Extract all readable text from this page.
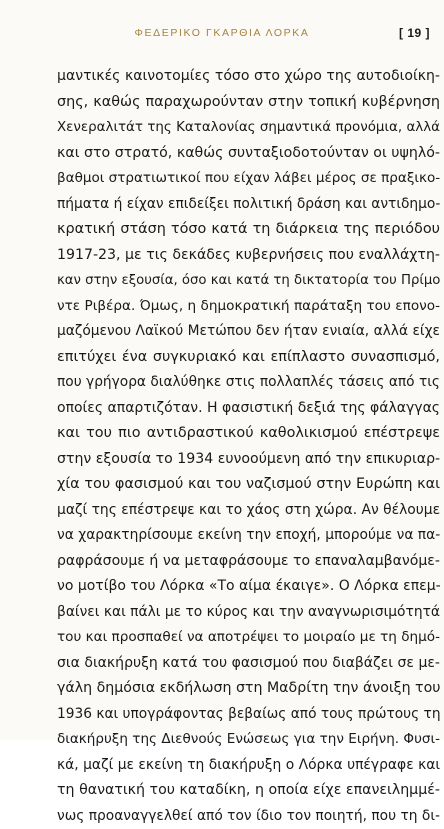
ΦΕΔΕΡΙΚΟ ΓΚΑΡΘΙΑ ΛΟΡΚΑ	[ 19 ]
μαντικές καινοτομίες τόσο στο χώρο της αυτοδιοίκη-
σης, καθώς παραχωρούνταν στην τοπική κυβέρνηση
Χενεραλιτάτ της Καταλονίας σημαντικά προνόμια, αλλά
και στο στρατό, καθώς συνταξιοδοτούνταν οι υψηλό-
βαθμοι στρατιωτικοί που είχαν λάβει μέρος σε πραξικο-
πήματα ή είχαν επιδείξει πολιτική δράση και αντιδημο-
κρατική στάση τόσο κατά τη διάρκεια της περιόδου
1917-23, με τις δεκάδες κυβερνήσεις που εναλλάχτη-
καν στην εξουσία, όσο και κατά τη δικτατορία του Πρίμο
ντε Ριβέρα. Όμως, η δημοκρατική παράταξη του επονο-
μαζόμενου Λαϊκού Μετώπου δεν ήταν ενιαία, αλλά είχε
επιτύχει ένα συγκυριακό και επίπλαστο συνασπισμό,
που γρήγορα διαλύθηκε στις πολλαπλές τάσεις από τις
οποίες απαρτιζόταν. Η φασιστική δεξιά της φάλαγγας
και του πιο αντιδραστικού καθολικισμού επέστρεψε
στην εξουσία το 1934 ευνοούμενη από την επικυριαρ-
χία του φασισμού και του ναζισμού στην Ευρώπη και
μαζί της επέστρεψε και το χάος στη χώρα. Αν θέλουμε
να χαρακτηρίσουμε εκείνη την εποχή, μπορούμε να πα-
ραφράσουμε ή να μεταφράσουμε το επαναλαμβανόμε-
νο μοτίβο του Λόρκα «Το αίμα έκαιγε». Ο Λόρκα επεμ-
βαίνει και πάλι με το κύρος και την αναγνωρισιμότητά
του και προσπαθεί να αποτρέψει το μοιραίο με τη δημό-
σια διακήρυξη κατά του φασισμού που διαβάζει σε με-
γάλη δημόσια εκδήλωση στη Μαδρίτη την άνοιξη του
1936 και υπογράφοντας βεβαίως από τους πρώτους τη
διακήρυξη της Διεθνούς Ενώσεως για την Ειρήνη. Φυσι-
κά, μαζί με εκείνη τη διακήρυξη ο Λόρκα υπέγραφε και
τη θανατική του καταδίκη, η οποία είχε επανειλημμέ-
νως προαναγγελθεί από τον ίδιο τον ποιητή, που τη δι-
